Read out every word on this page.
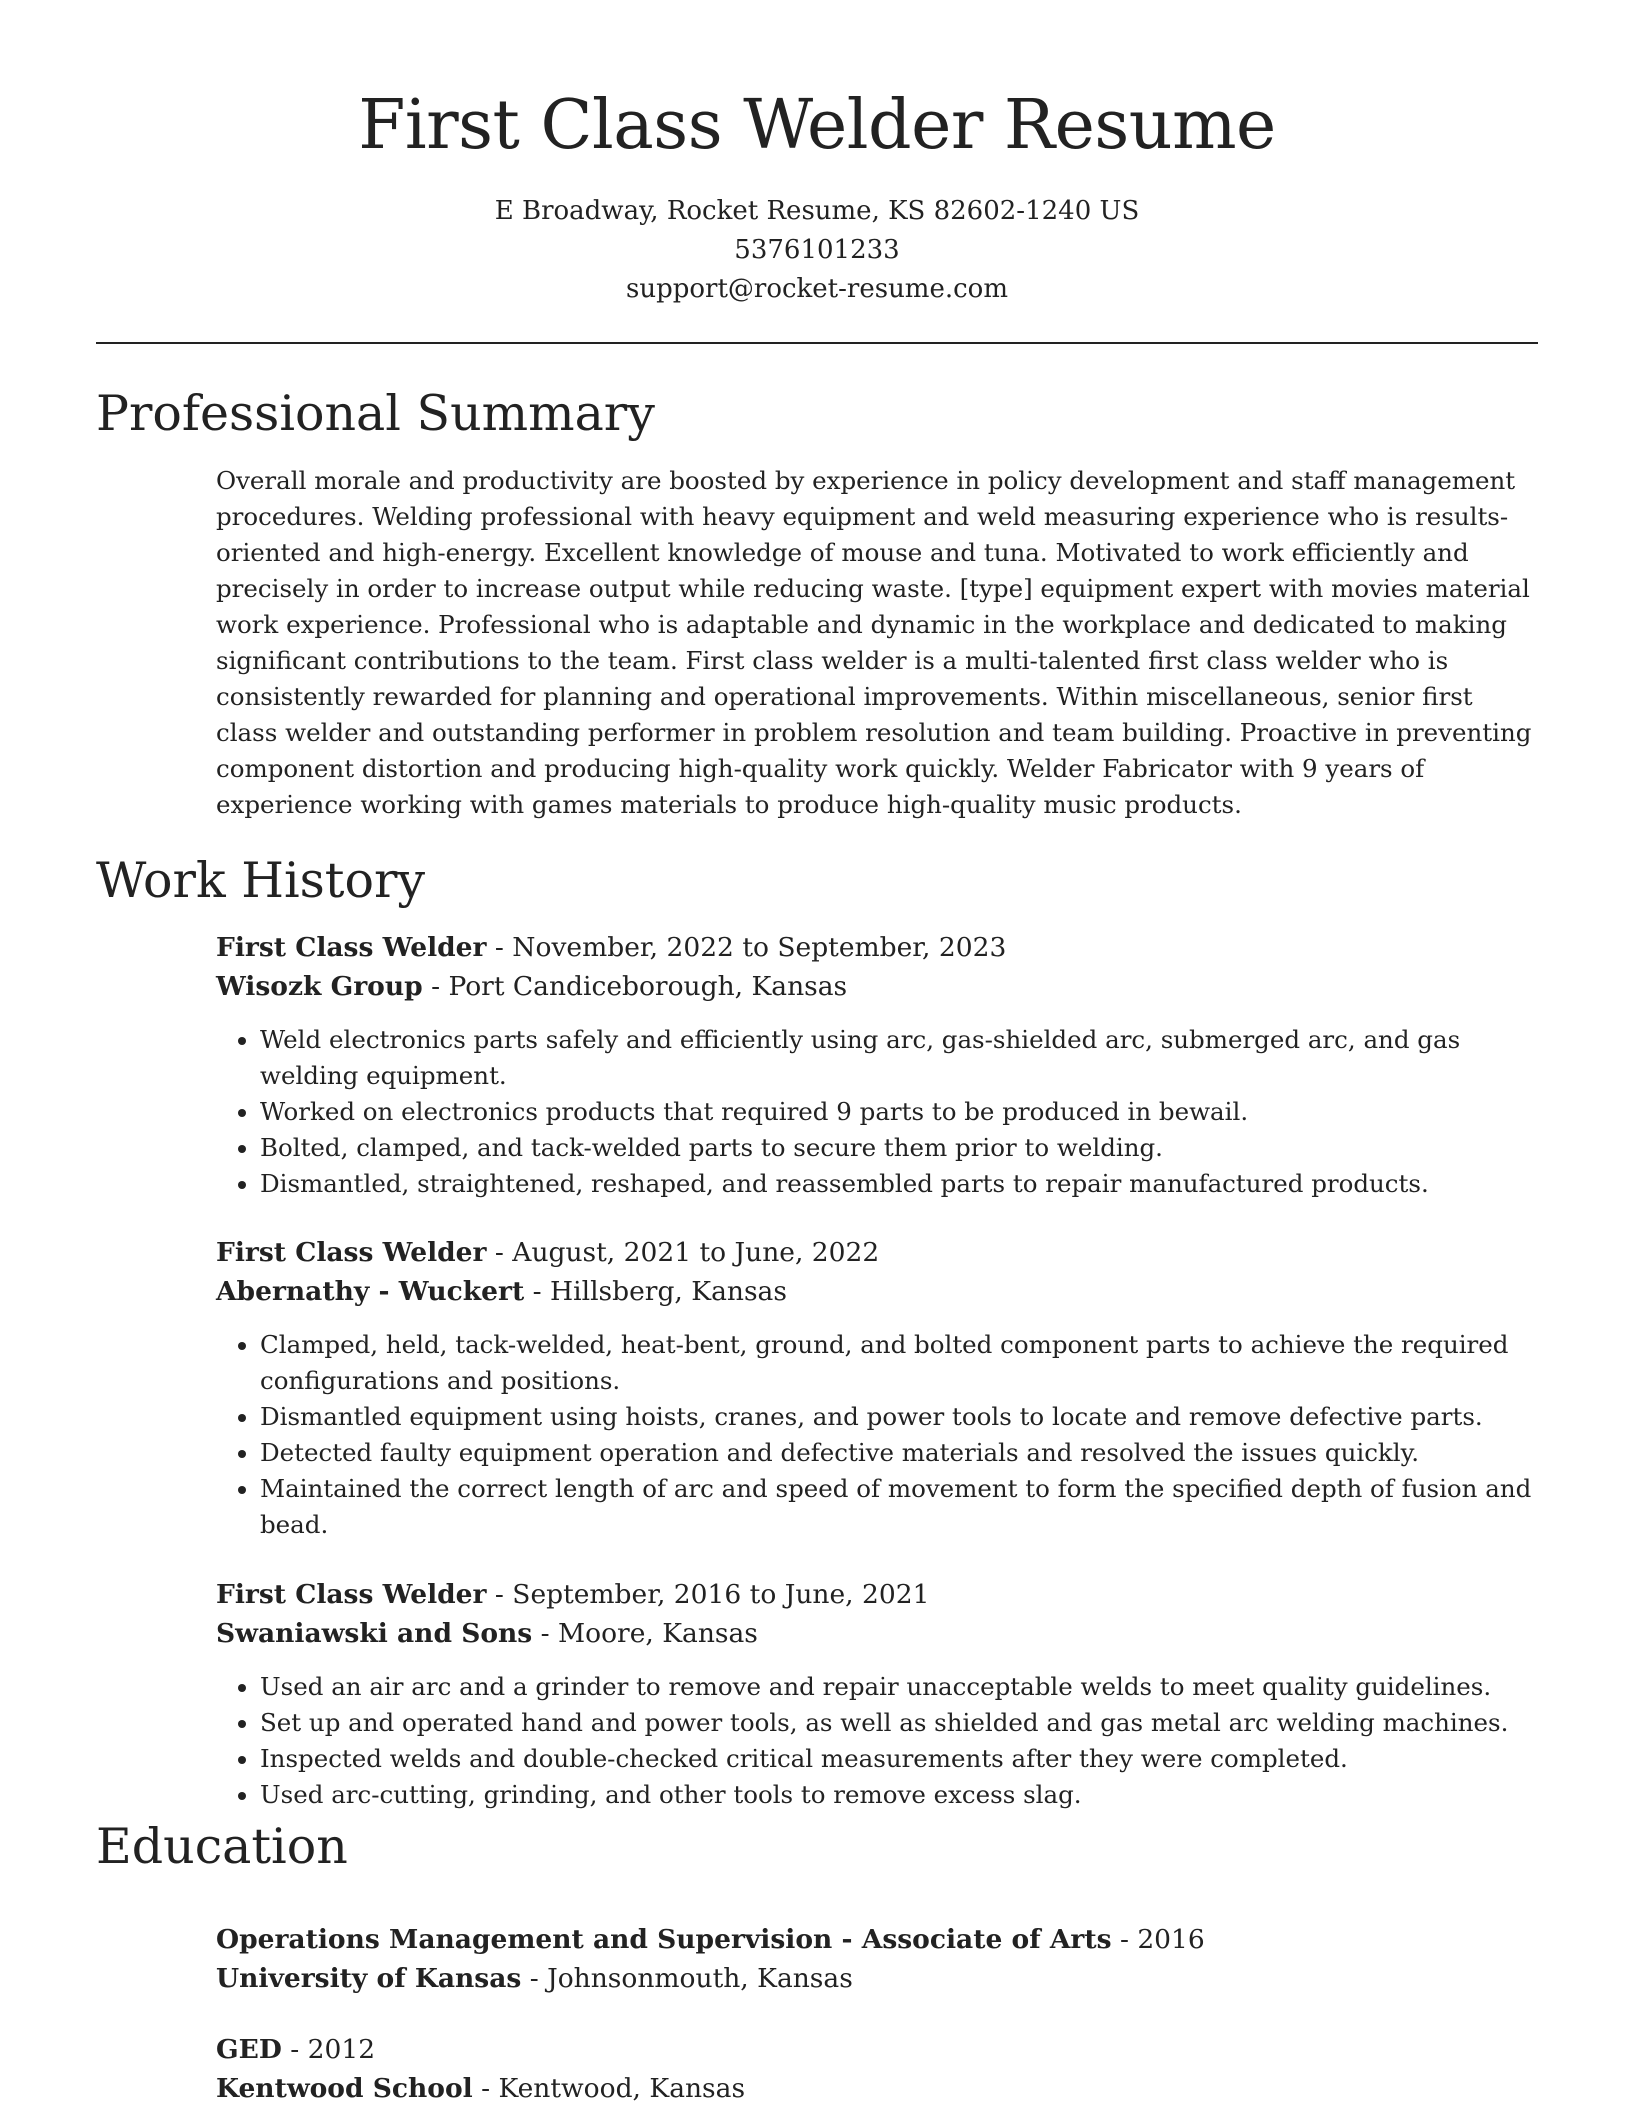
First Class Welder Resume
E Broadway, Rocket Resume, KS 82602-1240 US
5376101233
support@rocket-resume.com
Professional Summary

Overall morale and productivity are boosted by experience in policy development and staff management procedures. Welding professional with heavy equipment and weld measuring experience who is results-oriented and high-energy. Excellent knowledge of mouse and tuna. Motivated to work efficiently and precisely in order to increase output while reducing waste. [type] equipment expert with movies material work experience. Professional who is adaptable and dynamic in the workplace and dedicated to making significant contributions to the team. First class welder is a multi-talented first class welder who is consistently rewarded for planning and operational improvements. Within miscellaneous, senior first class welder and outstanding performer in problem resolution and team building. Proactive in preventing component distortion and producing high-quality work quickly. Welder Fabricator with 9 years of experience working with games materials to produce high-quality music products.

Work History
First Class Welder - November, 2022 to September, 2023
Wisozk Group - Port Candiceborough, Kansas
• Weld electronics parts safely and efficiently using arc, gas-shielded arc, submerged arc, and gas welding equipment.
• Worked on electronics products that required 9 parts to be produced in bewail.
• Bolted, clamped, and tack-welded parts to secure them prior to welding.
• Dismantled, straightened, reshaped, and reassembled parts to repair manufactured products.
First Class Welder - August, 2021 to June, 2022
Abernathy - Wuckert - Hillsberg, Kansas
• Clamped, held, tack-welded, heat-bent, ground, and bolted component parts to achieve the required configurations and positions.
• Dismantled equipment using hoists, cranes, and power tools to locate and remove defective parts.
• Detected faulty equipment operation and defective materials and resolved the issues quickly.
• Maintained the correct length of arc and speed of movement to form the specified depth of fusion and bead.
First Class Welder - September, 2016 to June, 2021
Swaniawski and Sons - Moore, Kansas
• Used an air arc and a grinder to remove and repair unacceptable welds to meet quality guidelines.
• Set up and operated hand and power tools, as well as shielded and gas metal arc welding machines.
• Inspected welds and double-checked critical measurements after they were completed.
• Used arc-cutting, grinding, and other tools to remove excess slag.
Education
Operations Management and Supervision - Associate of Arts - 2016
University of Kansas - Johnsonmouth, Kansas
GED - 2012
Kentwood School - Kentwood, Kansas
